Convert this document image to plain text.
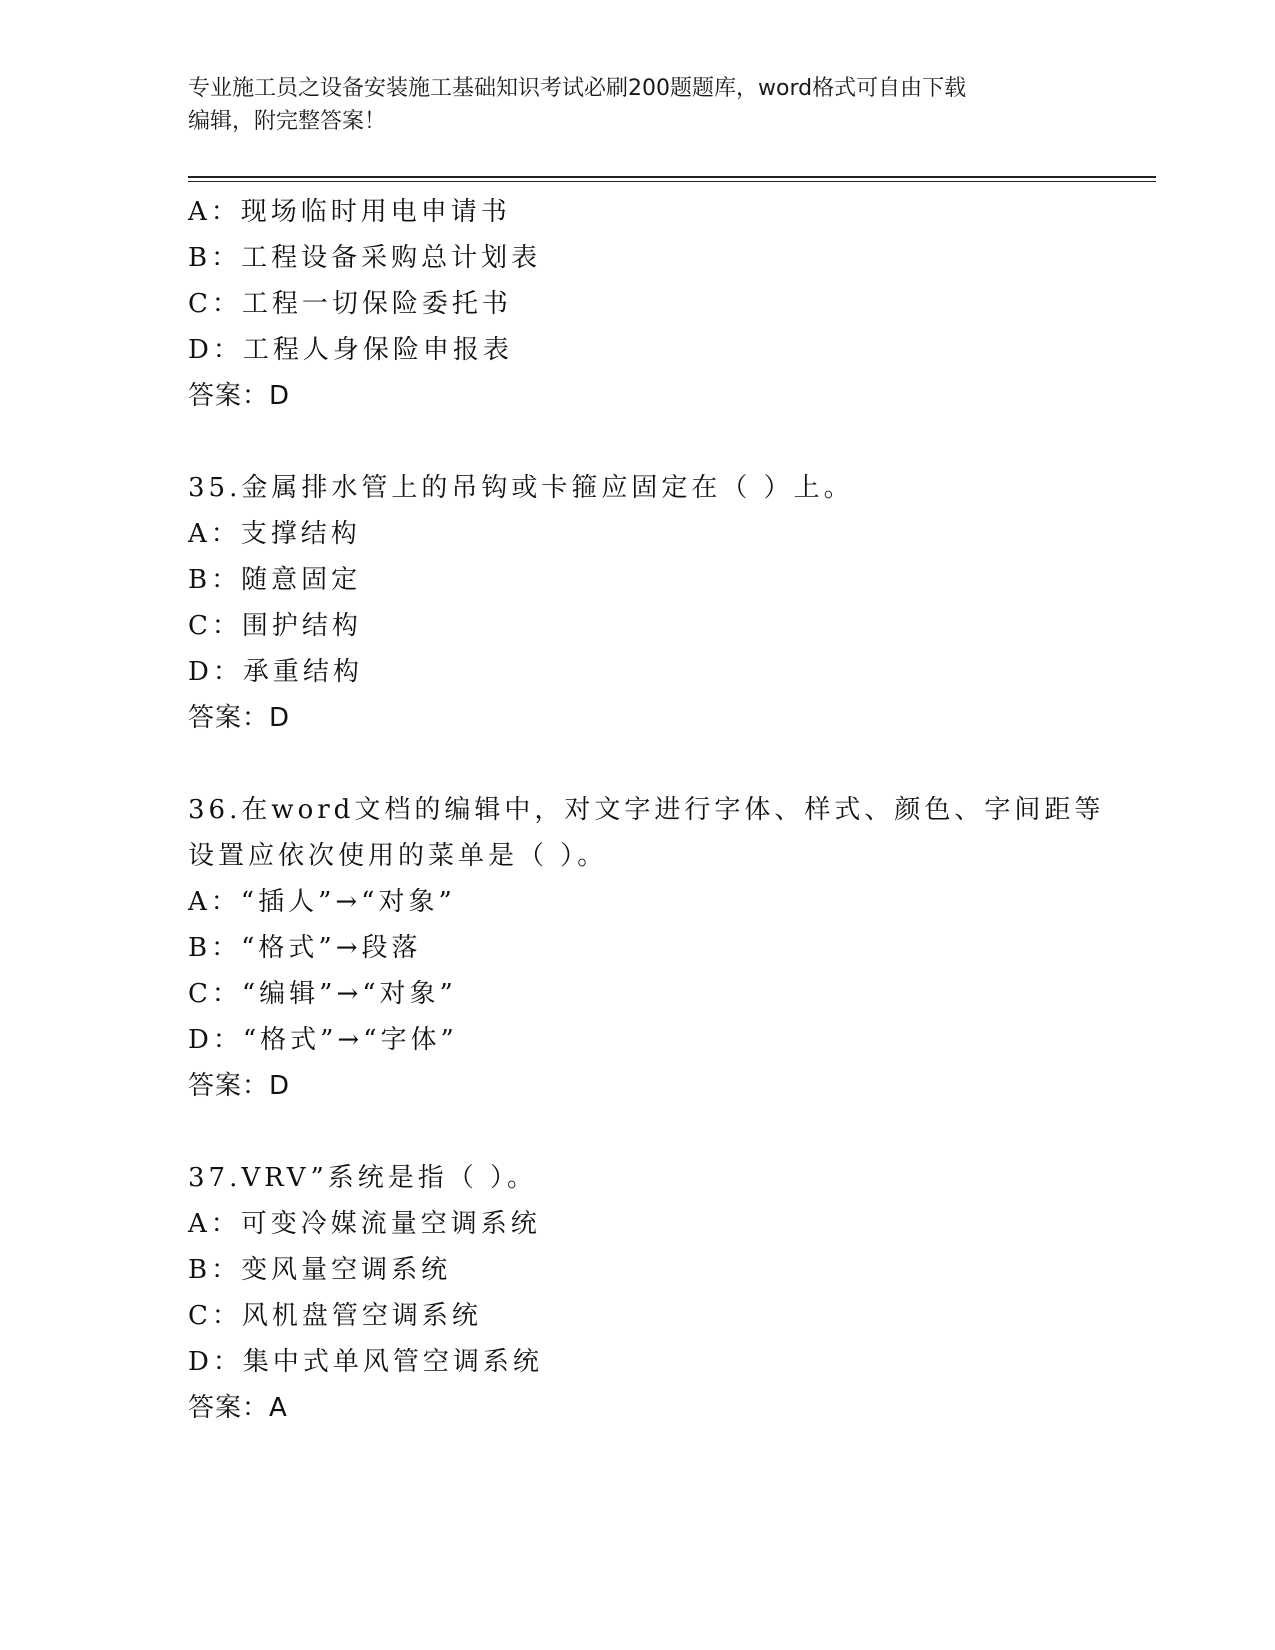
专业施工员之设备安装施工基础知识考试必刷200题题库，word格式可自由下载
编辑，附完整答案！
A：现场临时用电申请书
B：工程设备采购总计划表
C：工程一切保险委托书
D：工程人身保险申报表
答案：D
35.金属排水管上的吊钩或卡箍应固定在（ ）上。
A：支撑结构
B：随意固定
C：围护结构
D：承重结构
答案：D
36.在word文档的编辑中，对文字进行字体、样式、颜色、字间距等
设置应依次使用的菜单是（ ）。
A：“插人”→“对象”
B：“格式”→段落
C：“编辑”→“对象”
D：“格式”→“字体”
答案：D
37.VRV”系统是指（ ）。
A：可变冷媒流量空调系统
B：变风量空调系统
C：风机盘管空调系统
D：集中式单风管空调系统
答案：A
